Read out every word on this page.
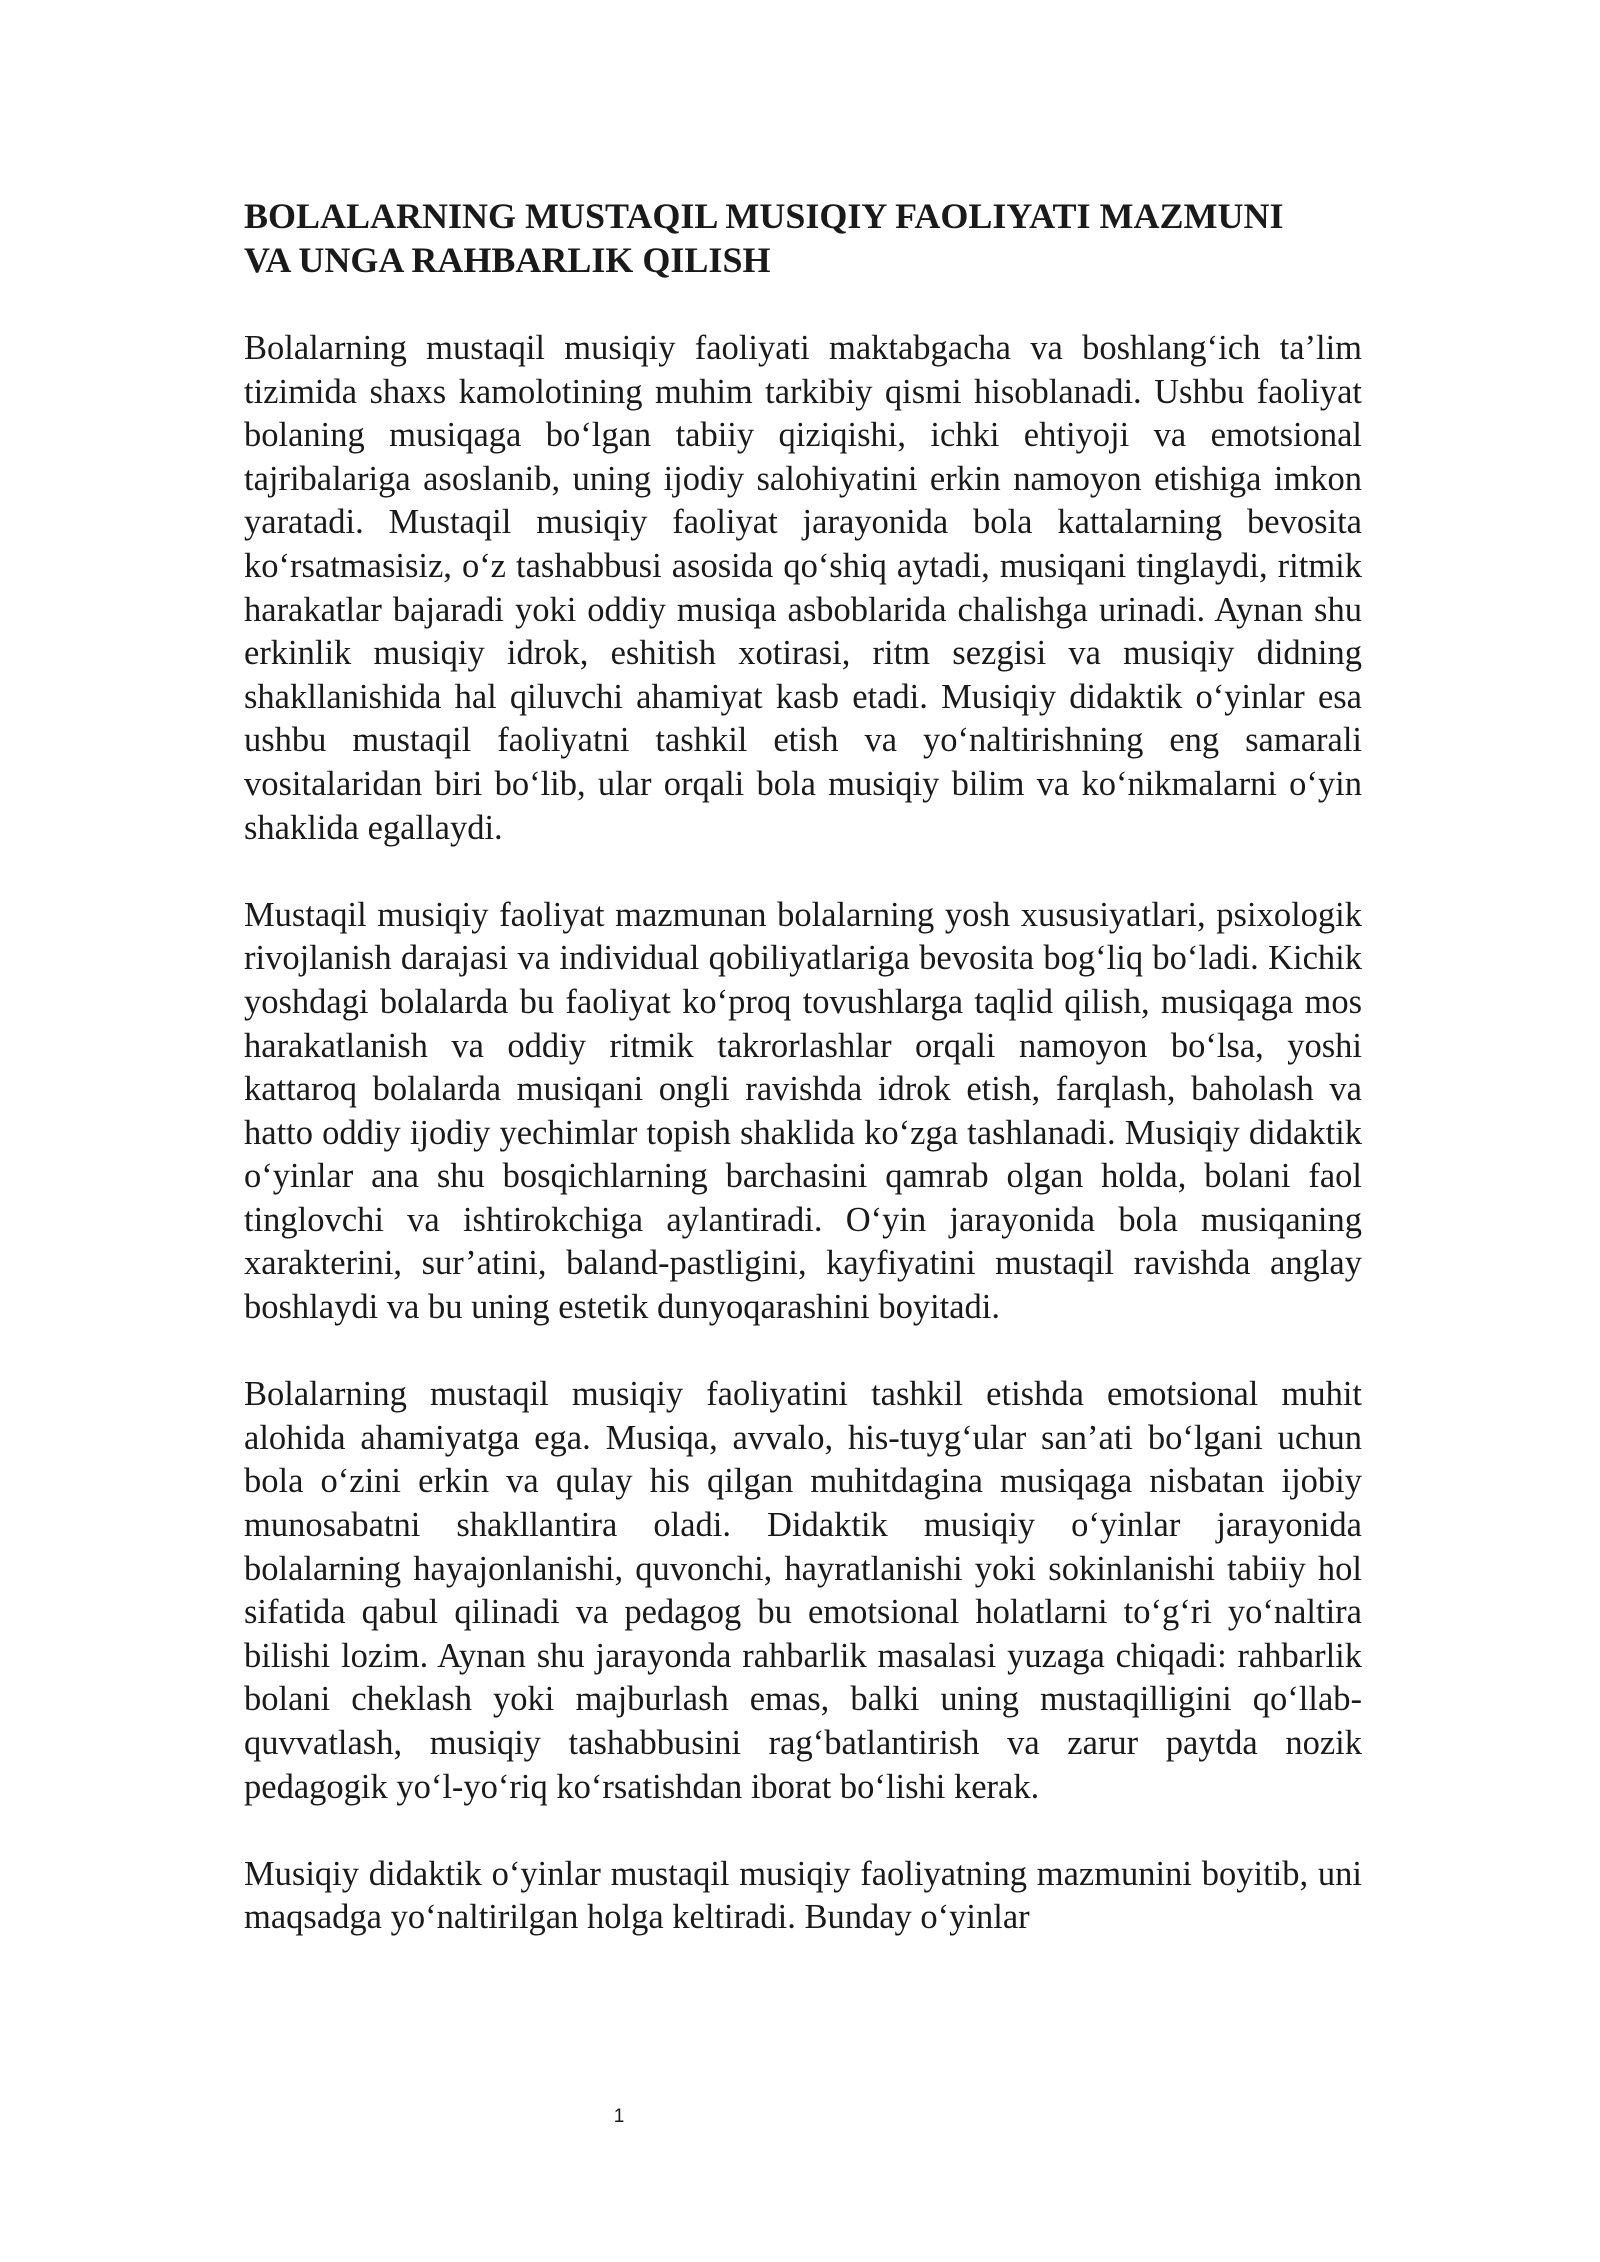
BOLALARNING MUSTAQIL MUSIQIY FAOLIYATI MAZMUNI
VA UNGA RAHBARLIK QILISH

Bolalarning mustaqil musiqiy faoliyati maktabgacha va boshlang‘ich ta’lim tizimida shaxs kamolotining muhim tarkibiy qismi hisoblanadi. Ushbu faoliyat bolaning musiqaga bo‘lgan tabiiy qiziqishi, ichki ehtiyoji va emotsional tajribalariga asoslanib, uning ijodiy salohiyatini erkin namoyon etishiga imkon yaratadi. Mustaqil musiqiy faoliyat jarayonida bola kattalarning bevosita ko‘rsatmasisiz, o‘z tashabbusi asosida qo‘shiq aytadi, musiqani tinglaydi, ritmik harakatlar bajaradi yoki oddiy musiqa asboblarida chalishga urinadi. Aynan shu erkinlik musiqiy idrok, eshitish xotirasi, ritm sezgisi va musiqiy didning shakllanishida hal qiluvchi ahamiyat kasb etadi. Musiqiy didaktik o‘yinlar esa ushbu mustaqil faoliyatni tashkil etish va yo‘naltirishning eng samarali vositalaridan biri bo‘lib, ular orqali bola musiqiy bilim va ko‘nikmalarni o‘yin shaklida egallaydi.

Mustaqil musiqiy faoliyat mazmunan bolalarning yosh xususiyatlari, psixologik rivojlanish darajasi va individual qobiliyatlariga bevosita bog‘liq bo‘ladi. Kichik yoshdagi bolalarda bu faoliyat ko‘proq tovushlarga taqlid qilish, musiqaga mos harakatlanish va oddiy ritmik takrorlashlar orqali namoyon bo‘lsa, yoshi kattaroq bolalarda musiqani ongli ravishda idrok etish, farqlash, baholash va hatto oddiy ijodiy yechimlar topish shaklida ko‘zga tashlanadi. Musiqiy didaktik o‘yinlar ana shu bosqichlarning barchasini qamrab olgan holda, bolani faol tinglovchi va ishtirokchiga aylantiradi. O‘yin jarayonida bola musiqaning xarakterini, sur’atini, baland-pastligini, kayfiyatini mustaqil ravishda anglay boshlaydi va bu uning estetik dunyoqarashini boyitadi.

Bolalarning mustaqil musiqiy faoliyatini tashkil etishda emotsional muhit alohida ahamiyatga ega. Musiqa, avvalo, his-tuyg‘ular san’ati bo‘lgani uchun bola o‘zini erkin va qulay his qilgan muhitdagina musiqaga nisbatan ijobiy munosabatni shakllantira oladi. Didaktik musiqiy o‘yinlar jarayonida bolalarning hayajonlanishi, quvonchi, hayratlanishi yoki sokinlanishi tabiiy hol sifatida qabul qilinadi va pedagog bu emotsional holatlarni to‘g‘ri yo‘naltira bilishi lozim. Aynan shu jarayonda rahbarlik masalasi yuzaga chiqadi: rahbarlik bolani cheklash yoki majburlash emas, balki uning mustaqilligini qo‘llab-quvvatlash, musiqiy tashabbusini rag‘batlantirish va zarur paytda nozik pedagogik yo‘l-yo‘riq ko‘rsatishdan iborat bo‘lishi kerak.

Musiqiy didaktik o‘yinlar mustaqil musiqiy faoliyatning mazmunini boyitib, uni maqsadga yo‘naltirilgan holga keltiradi. Bunday o‘yinlar

1
